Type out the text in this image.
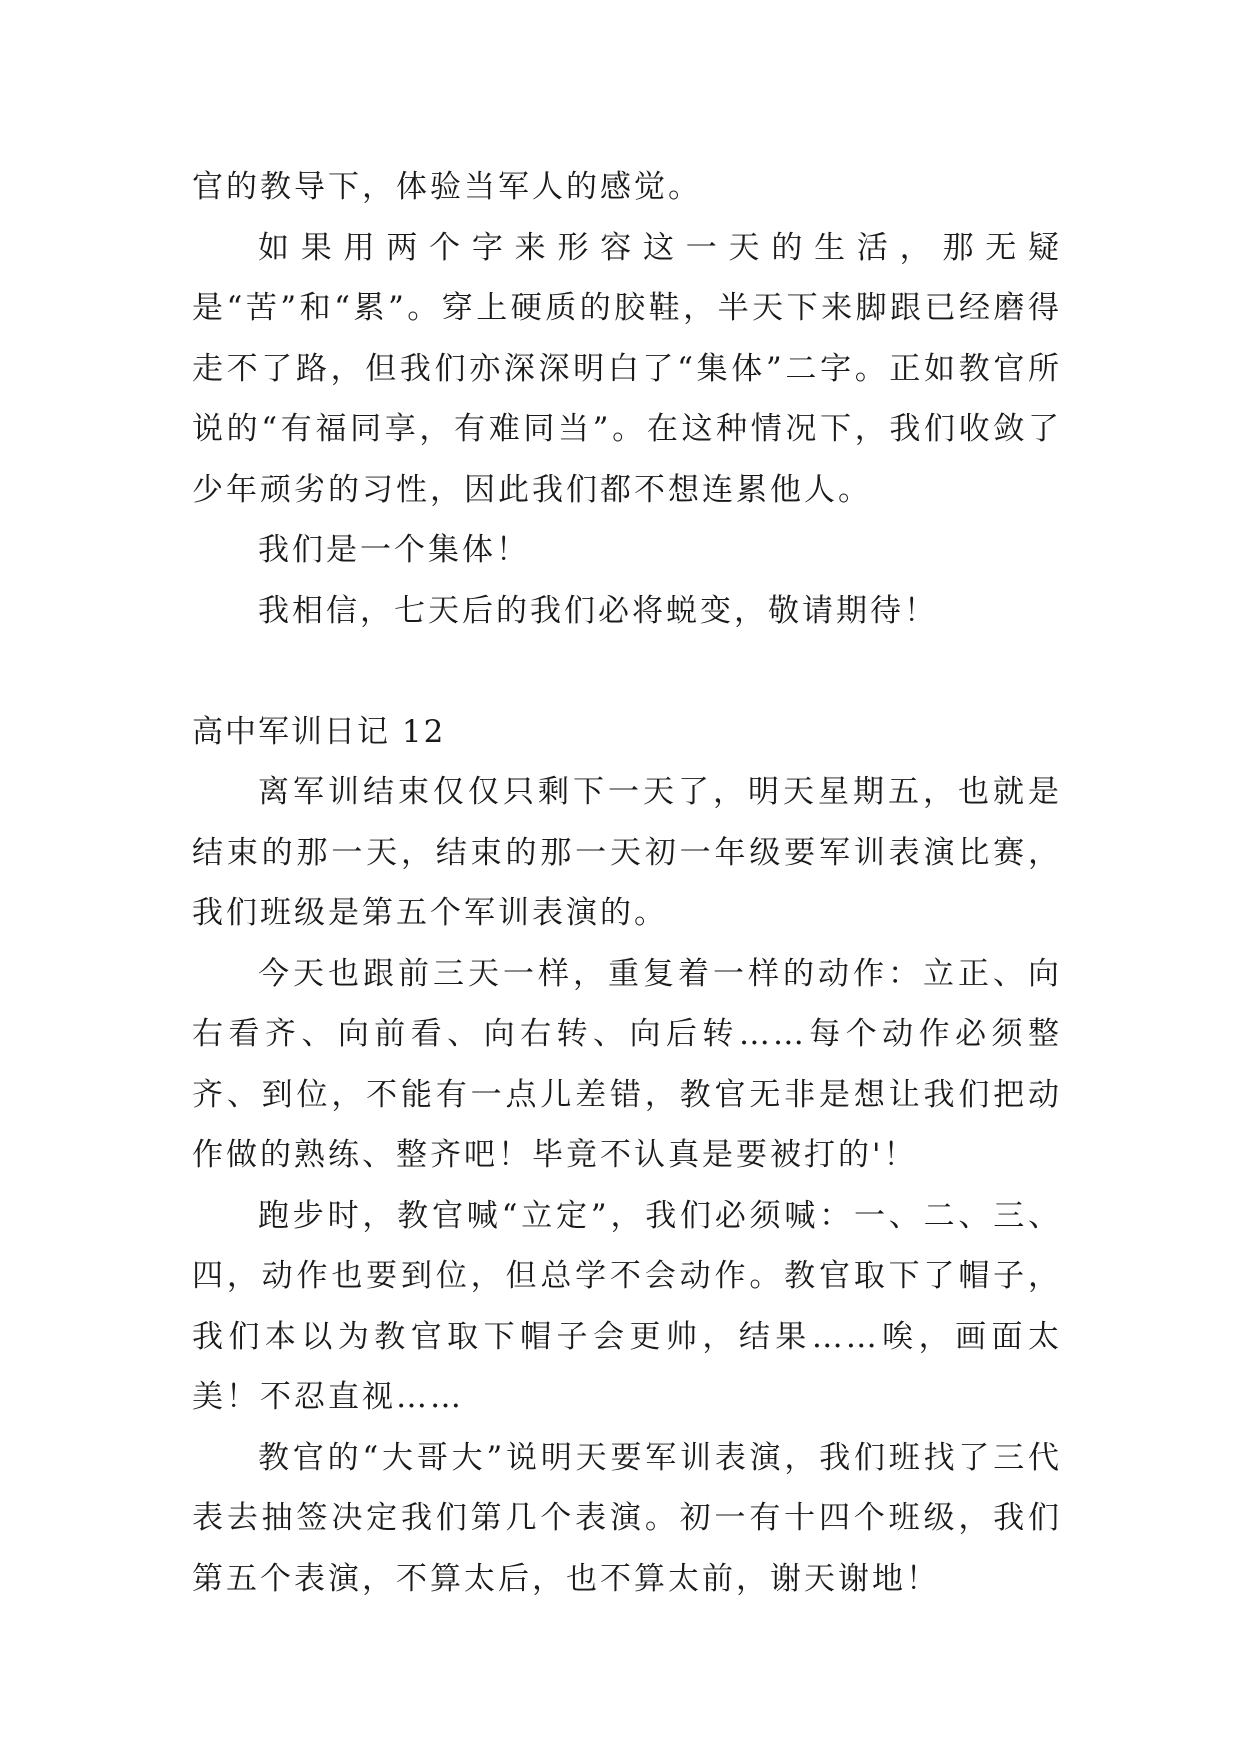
官的教导下，体验当军人的感觉。

如果用两个字来形容这一天的生活，那无疑是“苦”和“累”。穿上硬质的胶鞋，半天下来脚跟已经磨得走不了路，但我们亦深深明白了“集体”二字。正如教官所说的“有福同享，有难同当”。在这种情况下，我们收敛了少年顽劣的习性，因此我们都不想连累他人。

我们是一个集体！

我相信，七天后的我们必将蜕变，敬请期待！

高中军训日记 12

离军训结束仅仅只剩下一天了，明天星期五，也就是结束的那一天，结束的那一天初一年级要军训表演比赛，我们班级是第五个军训表演的。

今天也跟前三天一样，重复着一样的动作：立正、向右看齐、向前看、向右转、向后转……每个动作必须整齐、到位，不能有一点儿差错，教官无非是想让我们把动作做的熟练、整齐吧！毕竟不认真是要被打的'！

跑步时，教官喊“立定”，我们必须喊：一、二、三、四，动作也要到位，但总学不会动作。教官取下了帽子，我们本以为教官取下帽子会更帅，结果……唉，画面太美！不忍直视……

教官的“大哥大”说明天要军训表演，我们班找了三代表去抽签决定我们第几个表演。初一有十四个班级，我们第五个表演，不算太后，也不算太前，谢天谢地！
